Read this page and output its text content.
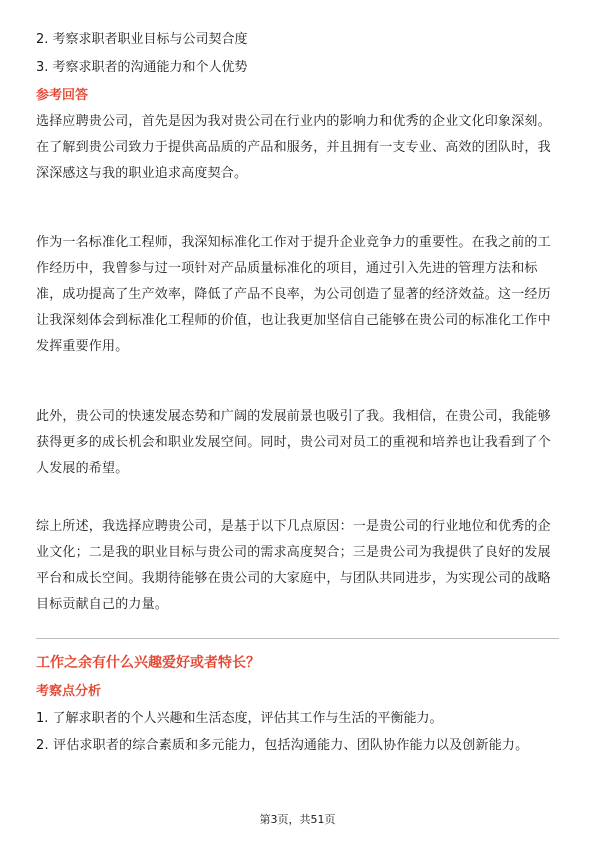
2. 考察求职者职业目标与公司契合度
3. 考察求职者的沟通能力和个人优势
参考回答

选择应聘贵公司，首先是因为我对贵公司在行业内的影响力和优秀的企业文化印象深刻。在了解到贵公司致力于提供高品质的产品和服务，并且拥有一支专业、高效的团队时，我深深感这与我的职业追求高度契合。

作为一名标准化工程师，我深知标准化工作对于提升企业竞争力的重要性。在我之前的工作经历中，我曾参与过一项针对产品质量标准化的项目，通过引入先进的管理方法和标准，成功提高了生产效率，降低了产品不良率，为公司创造了显著的经济效益。这一经历让我深刻体会到标准化工程师的价值，也让我更加坚信自己能够在贵公司的标准化工作中发挥重要作用。

此外，贵公司的快速发展态势和广阔的发展前景也吸引了我。我相信，在贵公司，我能够获得更多的成长机会和职业发展空间。同时，贵公司对员工的重视和培养也让我看到了个人发展的希望。

综上所述，我选择应聘贵公司，是基于以下几点原因：一是贵公司的行业地位和优秀的企业文化；二是我的职业目标与贵公司的需求高度契合；三是贵公司为我提供了良好的发展平台和成长空间。我期待能够在贵公司的大家庭中，与团队共同进步，为实现公司的战略目标贡献自己的力量。

工作之余有什么兴趣爱好或者特长？
考察点分析
1. 了解求职者的个人兴趣和生活态度，评估其工作与生活的平衡能力。

2. 评估求职者的综合素质和多元能力，包括沟通能力、团队协作能力以及创新能力。

第3页，共51页
